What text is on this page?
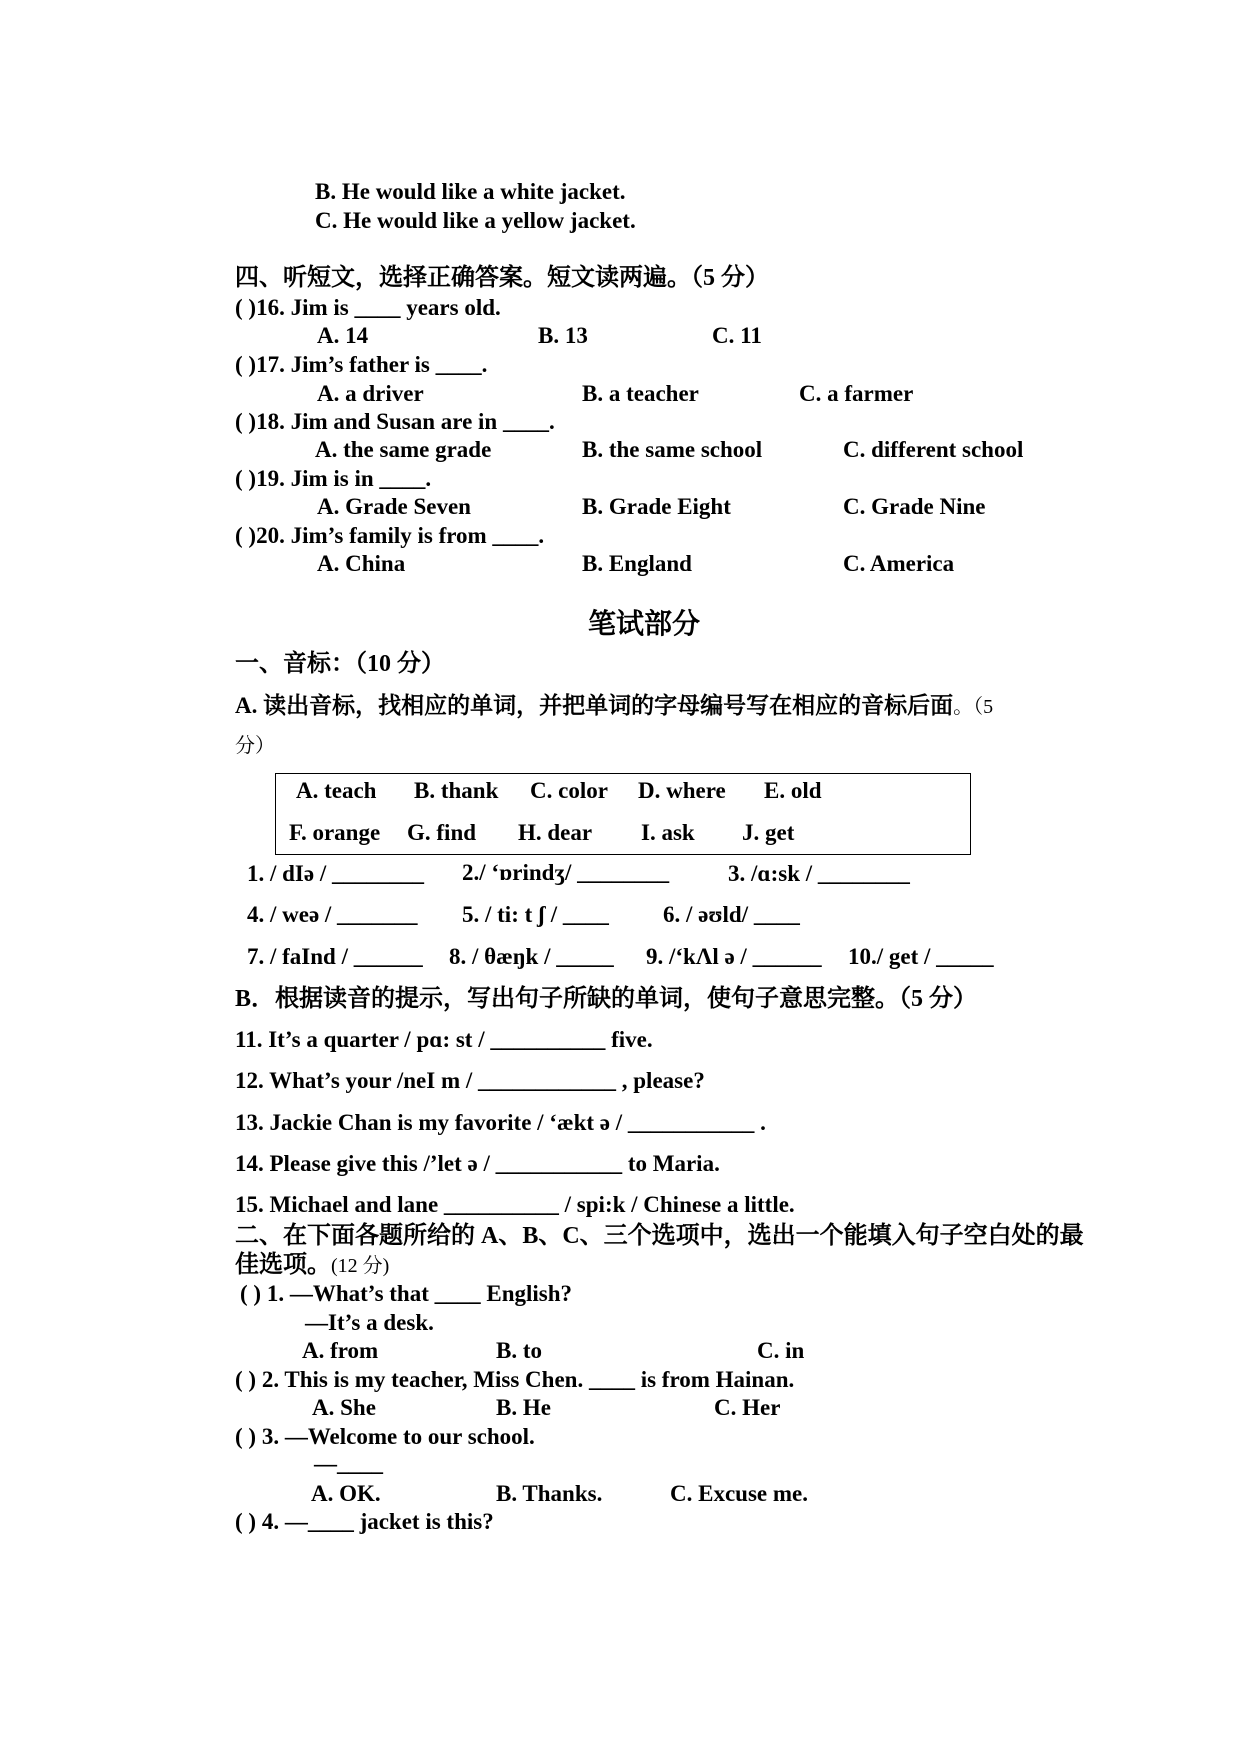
B. He would like a white jacket.
C. He would like a yellow jacket.
四、听短文，选择正确答案。短文读两遍。（5 分）
( )16. Jim is ____ years old.
A. 14	B. 13	C. 11
( )17. Jim’s father is ____.
A. a driver	B. a teacher	C. a farmer
( )18. Jim and Susan are in ____.
A. the same grade	B. the same school	C. different school
( )19. Jim is in ____.
A. Grade Seven	B. Grade Eight	C. Grade Nine
( )20. Jim’s family is from ____.
A. China	B. England	C. America
笔试部分
一、音标：（10 分）
A. 读出音标，找相应的单词，并把单词的字母编号写在相应的音标后面。（5
分）
A. teach B. thank C. color D. where E. old
F. orange G. find H. dear I. ask J. get
1. / dIə / ________ 2./ ‘ɒrindʒ/ ________	3. /ɑ:sk / ________
4. / weə / _______ 5. / ti: t ʃ / ____ 6. / əʊld/ ____
7. / faInd / ______ 8. / θæŋk / _____ 9. /‘kΛl ə / ______ 10./ get / _____
B．根据读音的提示，写出句子所缺的单词，使句子意思完整。（5 分）
11. It’s a quarter / pɑ: st / __________ five.
12. What’s your /neI m / ____________ , please?
13. Jackie Chan is my favorite / ‘ækt ə / ___________ .
14. Please give this /’let ə / ___________ to Maria.
15. Michael and lane __________ / spi:k / Chinese a little.
二、在下面各题所给的 A、B、C、三个选项中，选出一个能填入句子空白处的最
佳选项。(12 分)
( ) 1. —What’s that ____ English?
—It’s a desk.
A. from	B. to	C. in
( ) 2. This is my teacher, Miss Chen. ____ is from Hainan.
A. She	B. He	C. Her
( ) 3. —Welcome to our school.
—____
A. OK.	B. Thanks.	C. Excuse me.
( ) 4. —____ jacket is this?
